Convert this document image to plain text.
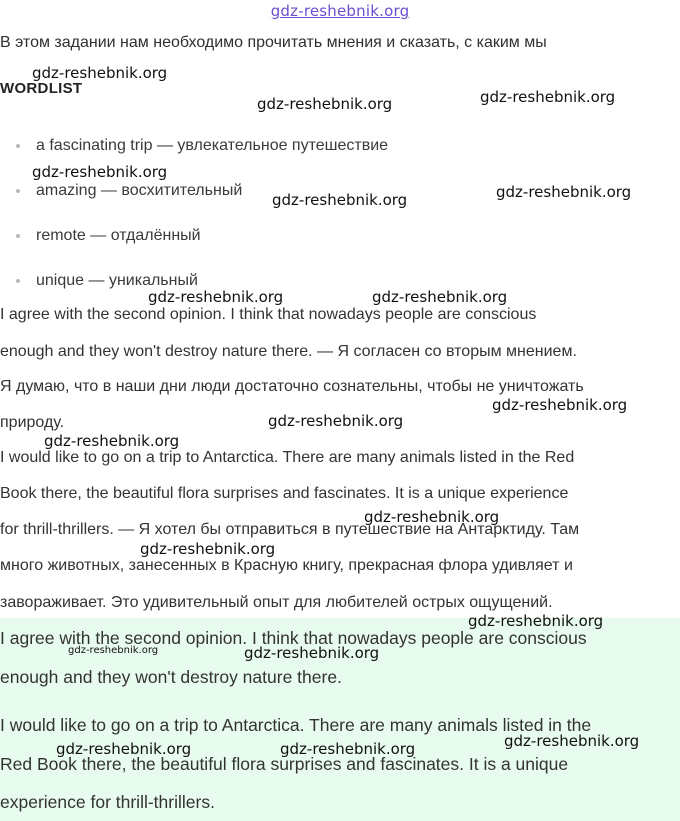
gdz-reshebnik.org
В этом задании нам необходимо прочитать мнения и сказать, с каким мы
WORDLIST
a fascinating trip — увлекательное путешествие
amazing — восхитительный
remote — отдалённый
unique — уникальный
I agree with the second opinion. I think that nowadays people are conscious
enough and they won't destroy nature there. — Я согласен со вторым мнением.
Я думаю, что в наши дни люди достаточно сознательны, чтобы не уничтожать
природу.
I would like to go on a trip to Antarctica. There are many animals listed in the Red
Book there, the beautiful flora surprises and fascinates. It is a unique experience
for thrill-thrillers. — Я хотел бы отправиться в путешествие на Антарктиду. Там
много животных, занесенных в Красную книгу, прекрасная флора удивляет и
завораживает. Это удивительный опыт для любителей острых ощущений.
I agree with the second opinion. I think that nowadays people are conscious
enough and they won't destroy nature there.
I would like to go on a trip to Antarctica. There are many animals listed in the
Red Book there, the beautiful flora surprises and fascinates. It is a unique
experience for thrill-thrillers.
gdz-reshebnik.org
gdz-reshebnik.org	gdz-reshebnik.org
gdz-reshebnik.org
gdz-reshebnik.org	gdz-reshebnik.org
gdz-reshebnik.org	gdz-reshebnik.org
gdz-reshebnik.org
gdz-reshebnik.org
gdz-reshebnik.org
gdz-reshebnik.org
gdz-reshebnik.org
gdz-reshebnik.org
gdz-reshebnik.org	gdz-reshebnik.org
gdz-reshebnik.org
gdz-reshebnik.org	gdz-reshebnik.org
